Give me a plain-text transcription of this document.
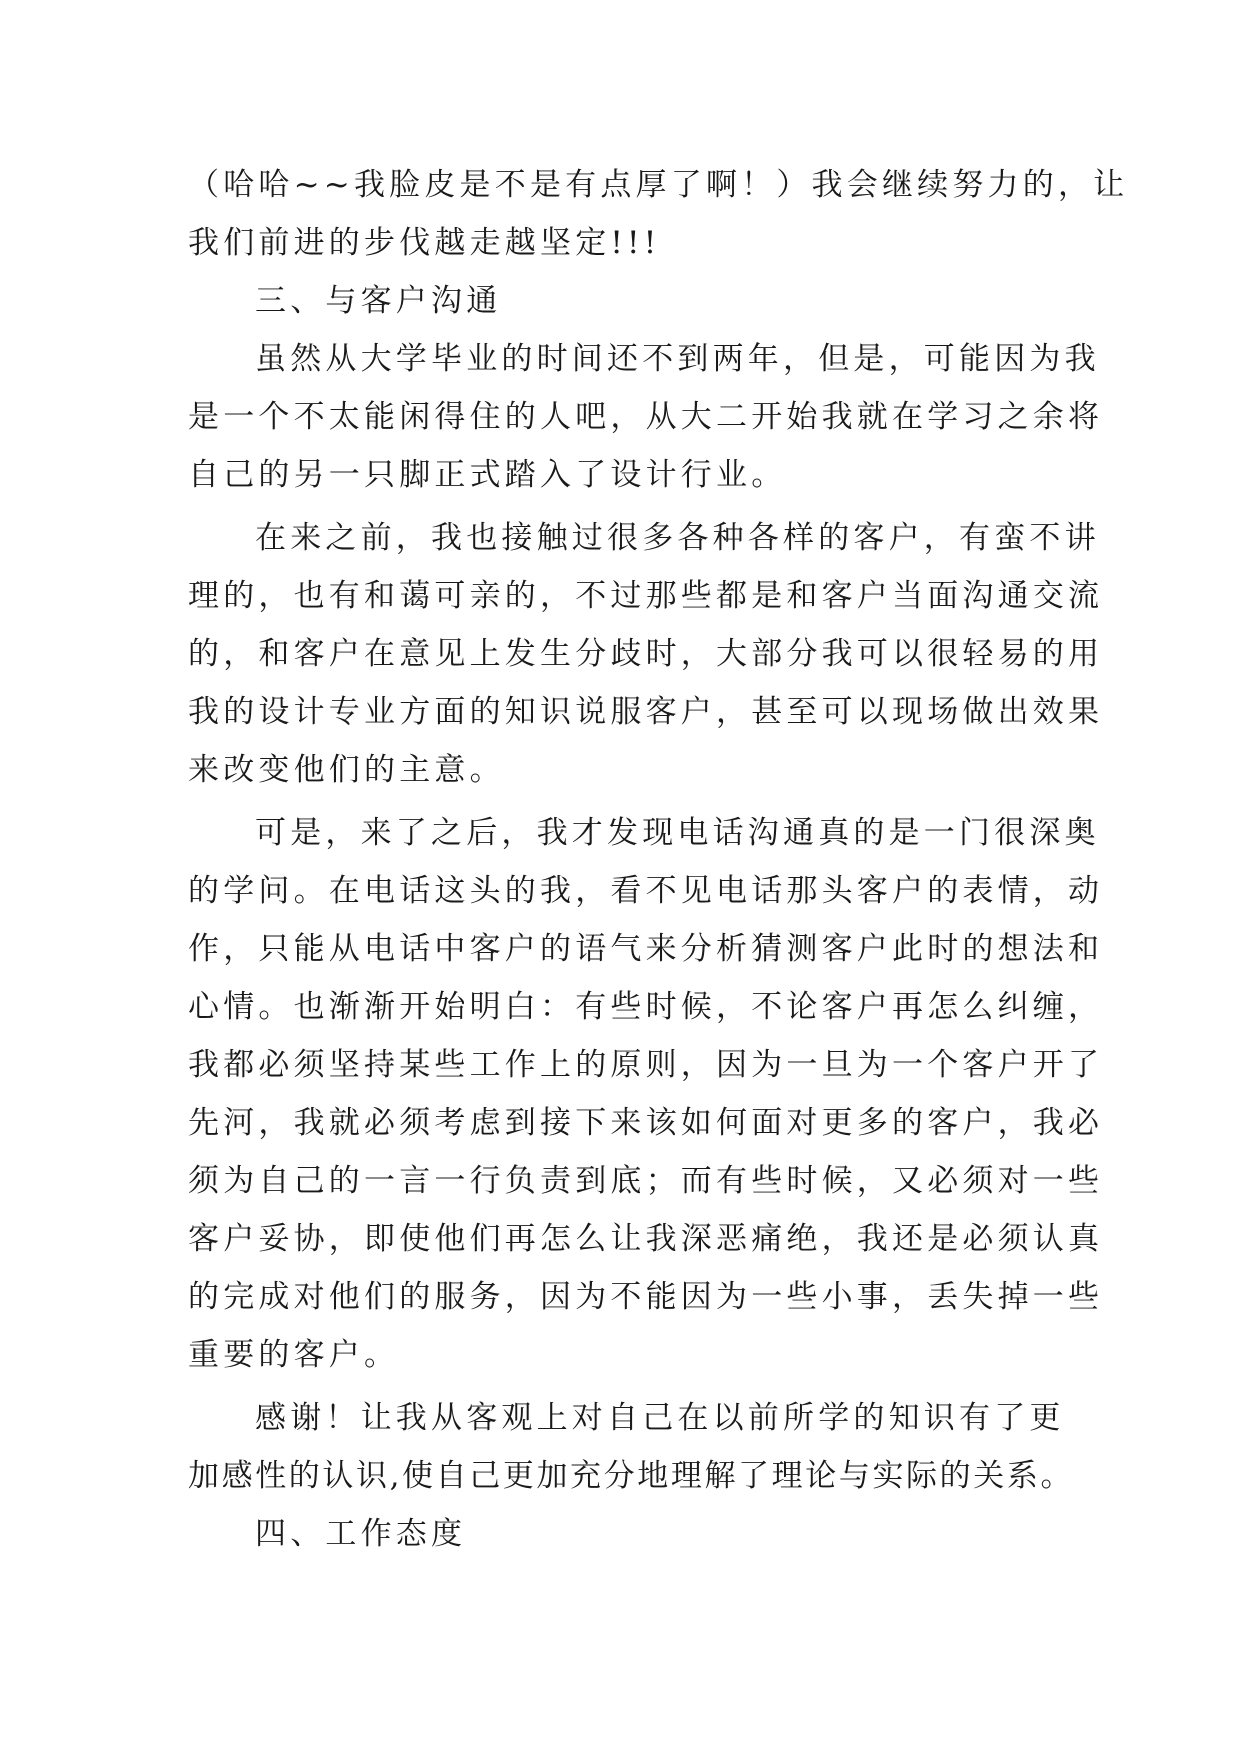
（哈哈~~我脸皮是不是有点厚了啊！）我会继续努力的，让
我们前进的步伐越走越坚定!!!
三、与客户沟通
虽然从大学毕业的时间还不到两年，但是，可能因为我
是一个不太能闲得住的人吧，从大二开始我就在学习之余将
自己的另一只脚正式踏入了设计行业。
在来之前，我也接触过很多各种各样的客户，有蛮不讲
理的，也有和蔼可亲的，不过那些都是和客户当面沟通交流
的，和客户在意见上发生分歧时，大部分我可以很轻易的用
我的设计专业方面的知识说服客户，甚至可以现场做出效果
来改变他们的主意。
可是，来了之后，我才发现电话沟通真的是一门很深奥
的学问。在电话这头的我，看不见电话那头客户的表情，动
作，只能从电话中客户的语气来分析猜测客户此时的想法和
心情。也渐渐开始明白：有些时候，不论客户再怎么纠缠，
我都必须坚持某些工作上的原则，因为一旦为一个客户开了
先河，我就必须考虑到接下来该如何面对更多的客户，我必
须为自己的一言一行负责到底；而有些时候，又必须对一些
客户妥协，即使他们再怎么让我深恶痛绝，我还是必须认真
的完成对他们的服务，因为不能因为一些小事，丢失掉一些
重要的客户。
感谢！让我从客观上对自己在以前所学的知识有了更
加感性的认识,使自己更加充分地理解了理论与实际的关系。
四、工作态度
